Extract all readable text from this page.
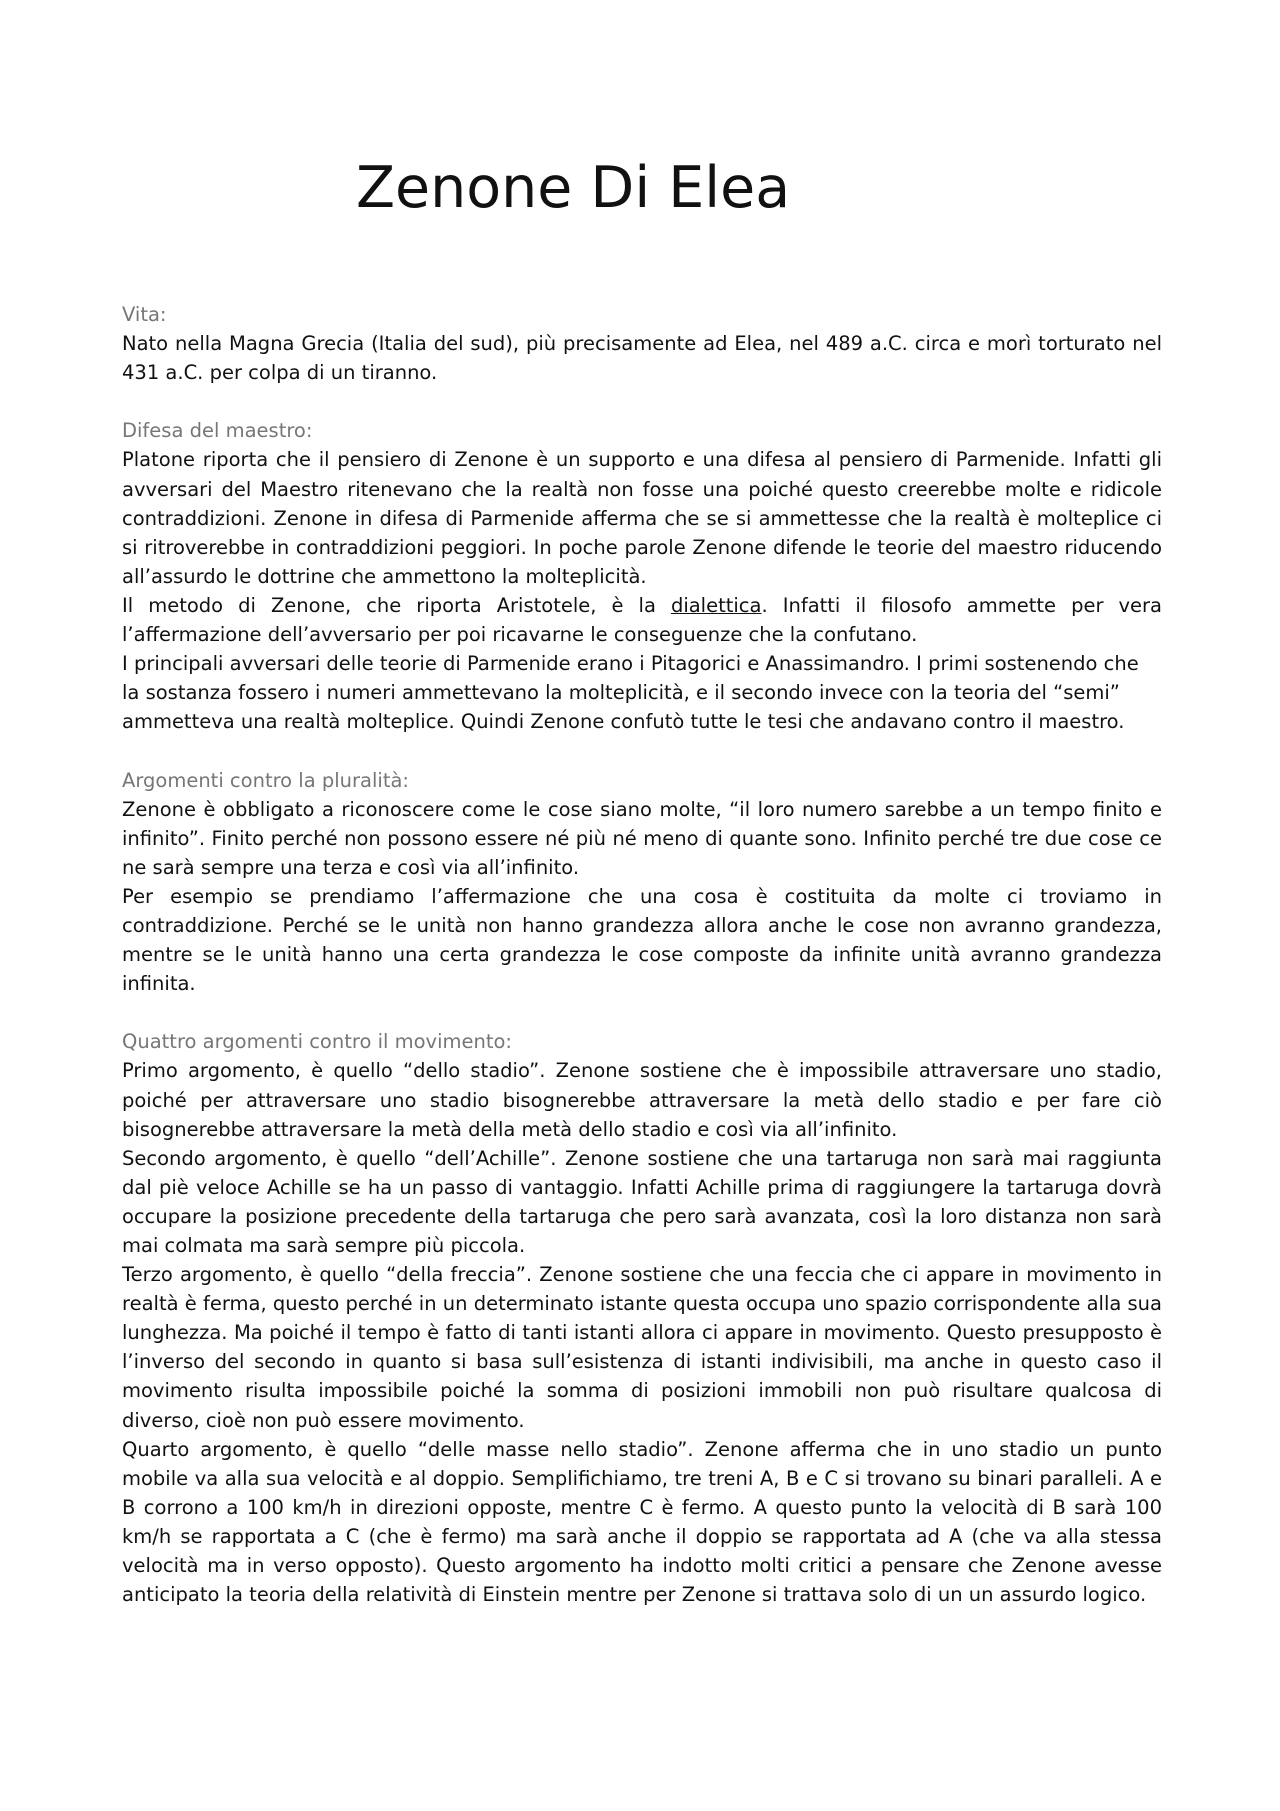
Zenone Di Elea
Vita:
Nato nella Magna Grecia (Italia del sud), più precisamente ad Elea, nel 489 a.C. circa e morì torturato nel 431 a.C. per colpa di un tiranno.
Difesa del maestro:
Platone riporta che il pensiero di Zenone è un supporto e una difesa al pensiero di Parmenide. Infatti gli avversari del Maestro ritenevano che la realtà non fosse una poiché questo creerebbe molte e ridicole contraddizioni. Zenone in difesa di Parmenide afferma che se si ammettesse che la realtà è molteplice ci si ritroverebbe in contraddizioni peggiori. In poche parole Zenone difende le teorie del maestro riducendo all’assurdo le dottrine che ammettono la molteplicità.
Il metodo di Zenone, che riporta Aristotele, è la dialettica. Infatti il filosofo ammette per vera l’affermazione dell’avversario per poi ricavarne le conseguenze che la confutano.
I principali avversari delle teorie di Parmenide erano i Pitagorici e Anassimandro. I primi sostenendo che la sostanza fossero i numeri ammettevano la molteplicità, e il secondo invece con la teoria del “semi” ammetteva una realtà molteplice. Quindi Zenone confutò tutte le tesi che andavano contro il maestro.
Argomenti contro la pluralità:
Zenone è obbligato a riconoscere come le cose siano molte, “il loro numero sarebbe a un tempo finito e infinito”. Finito perché non possono essere né più né meno di quante sono. Infinito perché tre due cose ce ne sarà sempre una terza e così via all’infinito.
Per esempio se prendiamo l’affermazione che una cosa è costituita da molte ci troviamo in contraddizione. Perché se le unità non hanno grandezza allora anche le cose non avranno grandezza, mentre se le unità hanno una certa grandezza le cose composte da infinite unità avranno grandezza infinita.
Quattro argomenti contro il movimento:
Primo argomento, è quello “dello stadio”. Zenone sostiene che è impossibile attraversare uno stadio, poiché per attraversare uno stadio bisognerebbe attraversare la metà dello stadio e per fare ciò bisognerebbe attraversare la metà della metà dello stadio e così via all’infinito.
Secondo argomento, è quello “dell’Achille”. Zenone sostiene che una tartaruga non sarà mai raggiunta dal piè veloce Achille se ha un passo di vantaggio. Infatti Achille prima di raggiungere la tartaruga dovrà occupare la posizione precedente della tartaruga che pero sarà avanzata, così la loro distanza non sarà mai colmata ma sarà sempre più piccola.
Terzo argomento, è quello “della freccia”. Zenone sostiene che una feccia che ci appare in movimento in realtà è ferma, questo perché in un determinato istante questa occupa uno spazio corrispondente alla sua lunghezza. Ma poiché il tempo è fatto di tanti istanti allora ci appare in movimento. Questo presupposto è l’inverso del secondo in quanto si basa sull’esistenza di istanti indivisibili, ma anche in questo caso il movimento risulta impossibile poiché la somma di posizioni immobili non può risultare qualcosa di diverso, cioè non può essere movimento.
Quarto argomento, è quello “delle masse nello stadio”. Zenone afferma che in uno stadio un punto mobile va alla sua velocità e al doppio. Semplifichiamo, tre treni A, B e C si trovano su binari paralleli. A e B corrono a 100 km/h in direzioni opposte, mentre C è fermo. A questo punto la velocità di B sarà 100 km/h se rapportata a C (che è fermo) ma sarà anche il doppio se rapportata ad A (che va alla stessa velocità ma in verso opposto). Questo argomento ha indotto molti critici a pensare che Zenone avesse anticipato la teoria della relatività di Einstein mentre per Zenone si trattava solo di un un assurdo logico.
